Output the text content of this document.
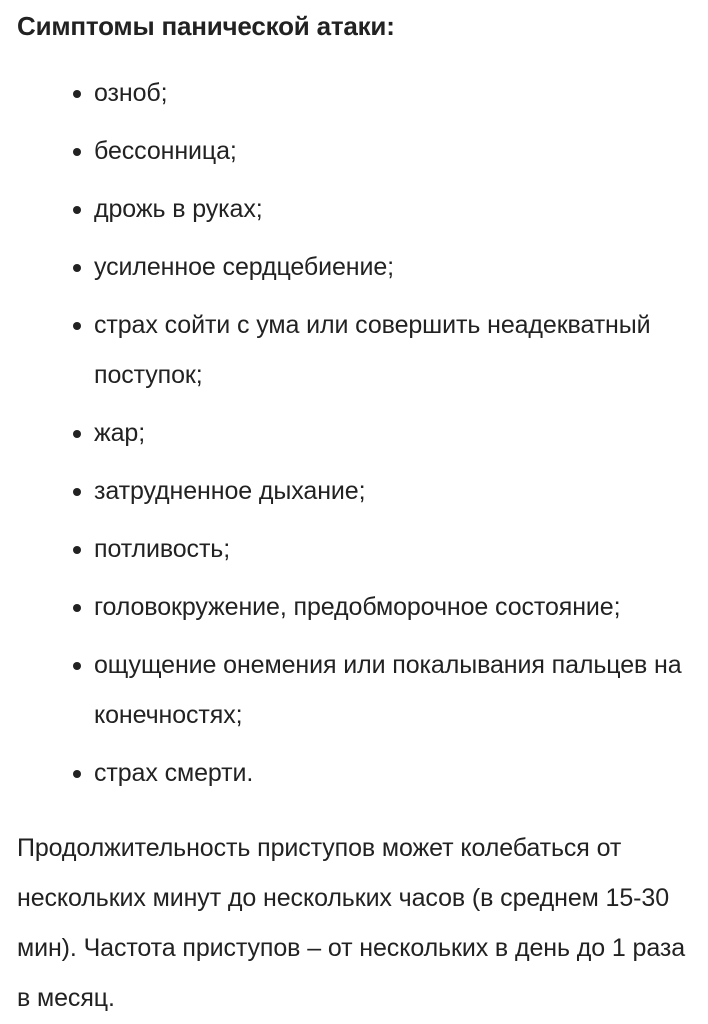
Симптомы панической атаки:
озноб;
бессонница;
дрожь в руках;
усиленное сердцебиение;
страх сойти с ума или совершить неадекватный поступок;
жар;
затрудненное дыхание;
потливость;
головокружение, предобморочное состояние;
ощущение онемения или покалывания пальцев на конечностях;
страх смерти.

Продолжительность приступов может колебаться от нескольких минут до нескольких часов (в среднем 15-30 мин). Частота приступов – от нескольких в день до 1 раза в месяц.
